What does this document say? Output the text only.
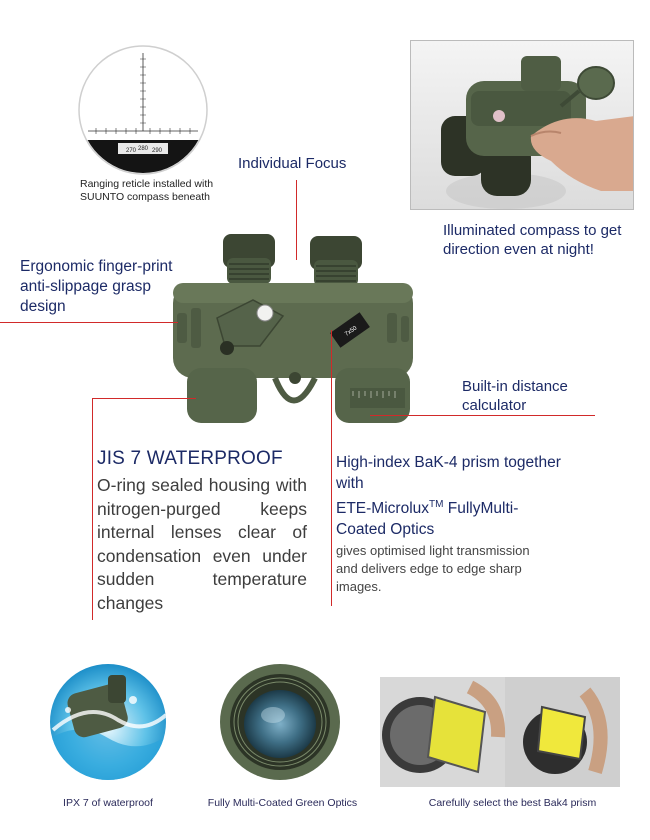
270 280 290
Ranging reticle installed with SUUNTO compass beneath
Illuminated compass to get direction even at night!
Individual Focus
Ergonomic finger-print anti-slippage grasp design
Built-in distance calculator
7x50
JIS 7 WATERPROOF
O-ring sealed housing with nitrogen-purged keeps internal lenses clear of condensation even under sudden temperature changes
High-index BaK-4 prism together with
ETE-Microlux™ FullyMulti-Coated Optics
gives optimised light transmission and delivers edge to edge sharp images.
IPX 7 of waterproof	Fully Multi-Coated Green Optics	Carefully select the best Bak4 prism
